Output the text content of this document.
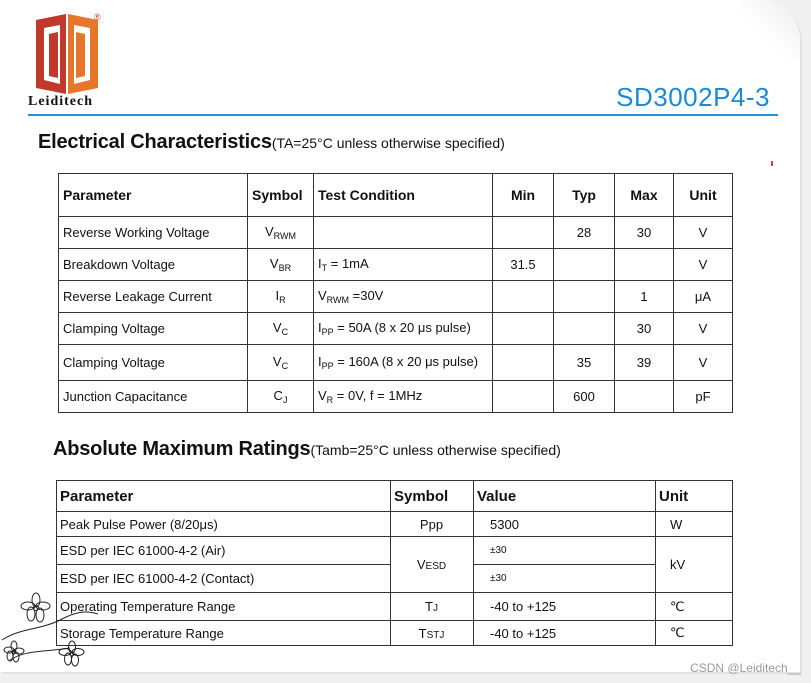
®
Leiditech	SD3002P4-3
Electrical Characteristics(TA=25°C unless otherwise specified)
Parameter	Symbol	Test Condition	Min	Typ	Max	Unit
Reverse Working Voltage	$V_{RWM}$			28	30	V
Breakdown Voltage	$V_{BR}$	$I_T = 1mA$	31.5			V
Reverse Leakage Current	$I_R$	$V_{RWM} =30V$			1	μA
Clamping Voltage	$V_C$	$I_{PP} = 50A$ (8 x 20 μs pulse)			30	V
Clamping Voltage	$V_C$	$I_{PP} = 160A$ (8 x 20 μs pulse)		35	39	V
Junction Capacitance	$C_J$	$V_R = 0V$, f = 1MHz		600		pF
Absolute Maximum Ratings(Tamb=25°C unless otherwise specified)
Parameter	Symbol	Value	Unit
Peak Pulse Power (8/20μs)	Ppp	5300	W
ESD per IEC 61000-4-2 (Air)	VESD	±30	kV
ESD per IEC 61000-4-2 (Contact)		±30	
Operating Temperature Range	TJ	-40 to +125	℃
Storage Temperature Range	TSTJ	-40 to +125	℃
CSDN @Leiditech__
